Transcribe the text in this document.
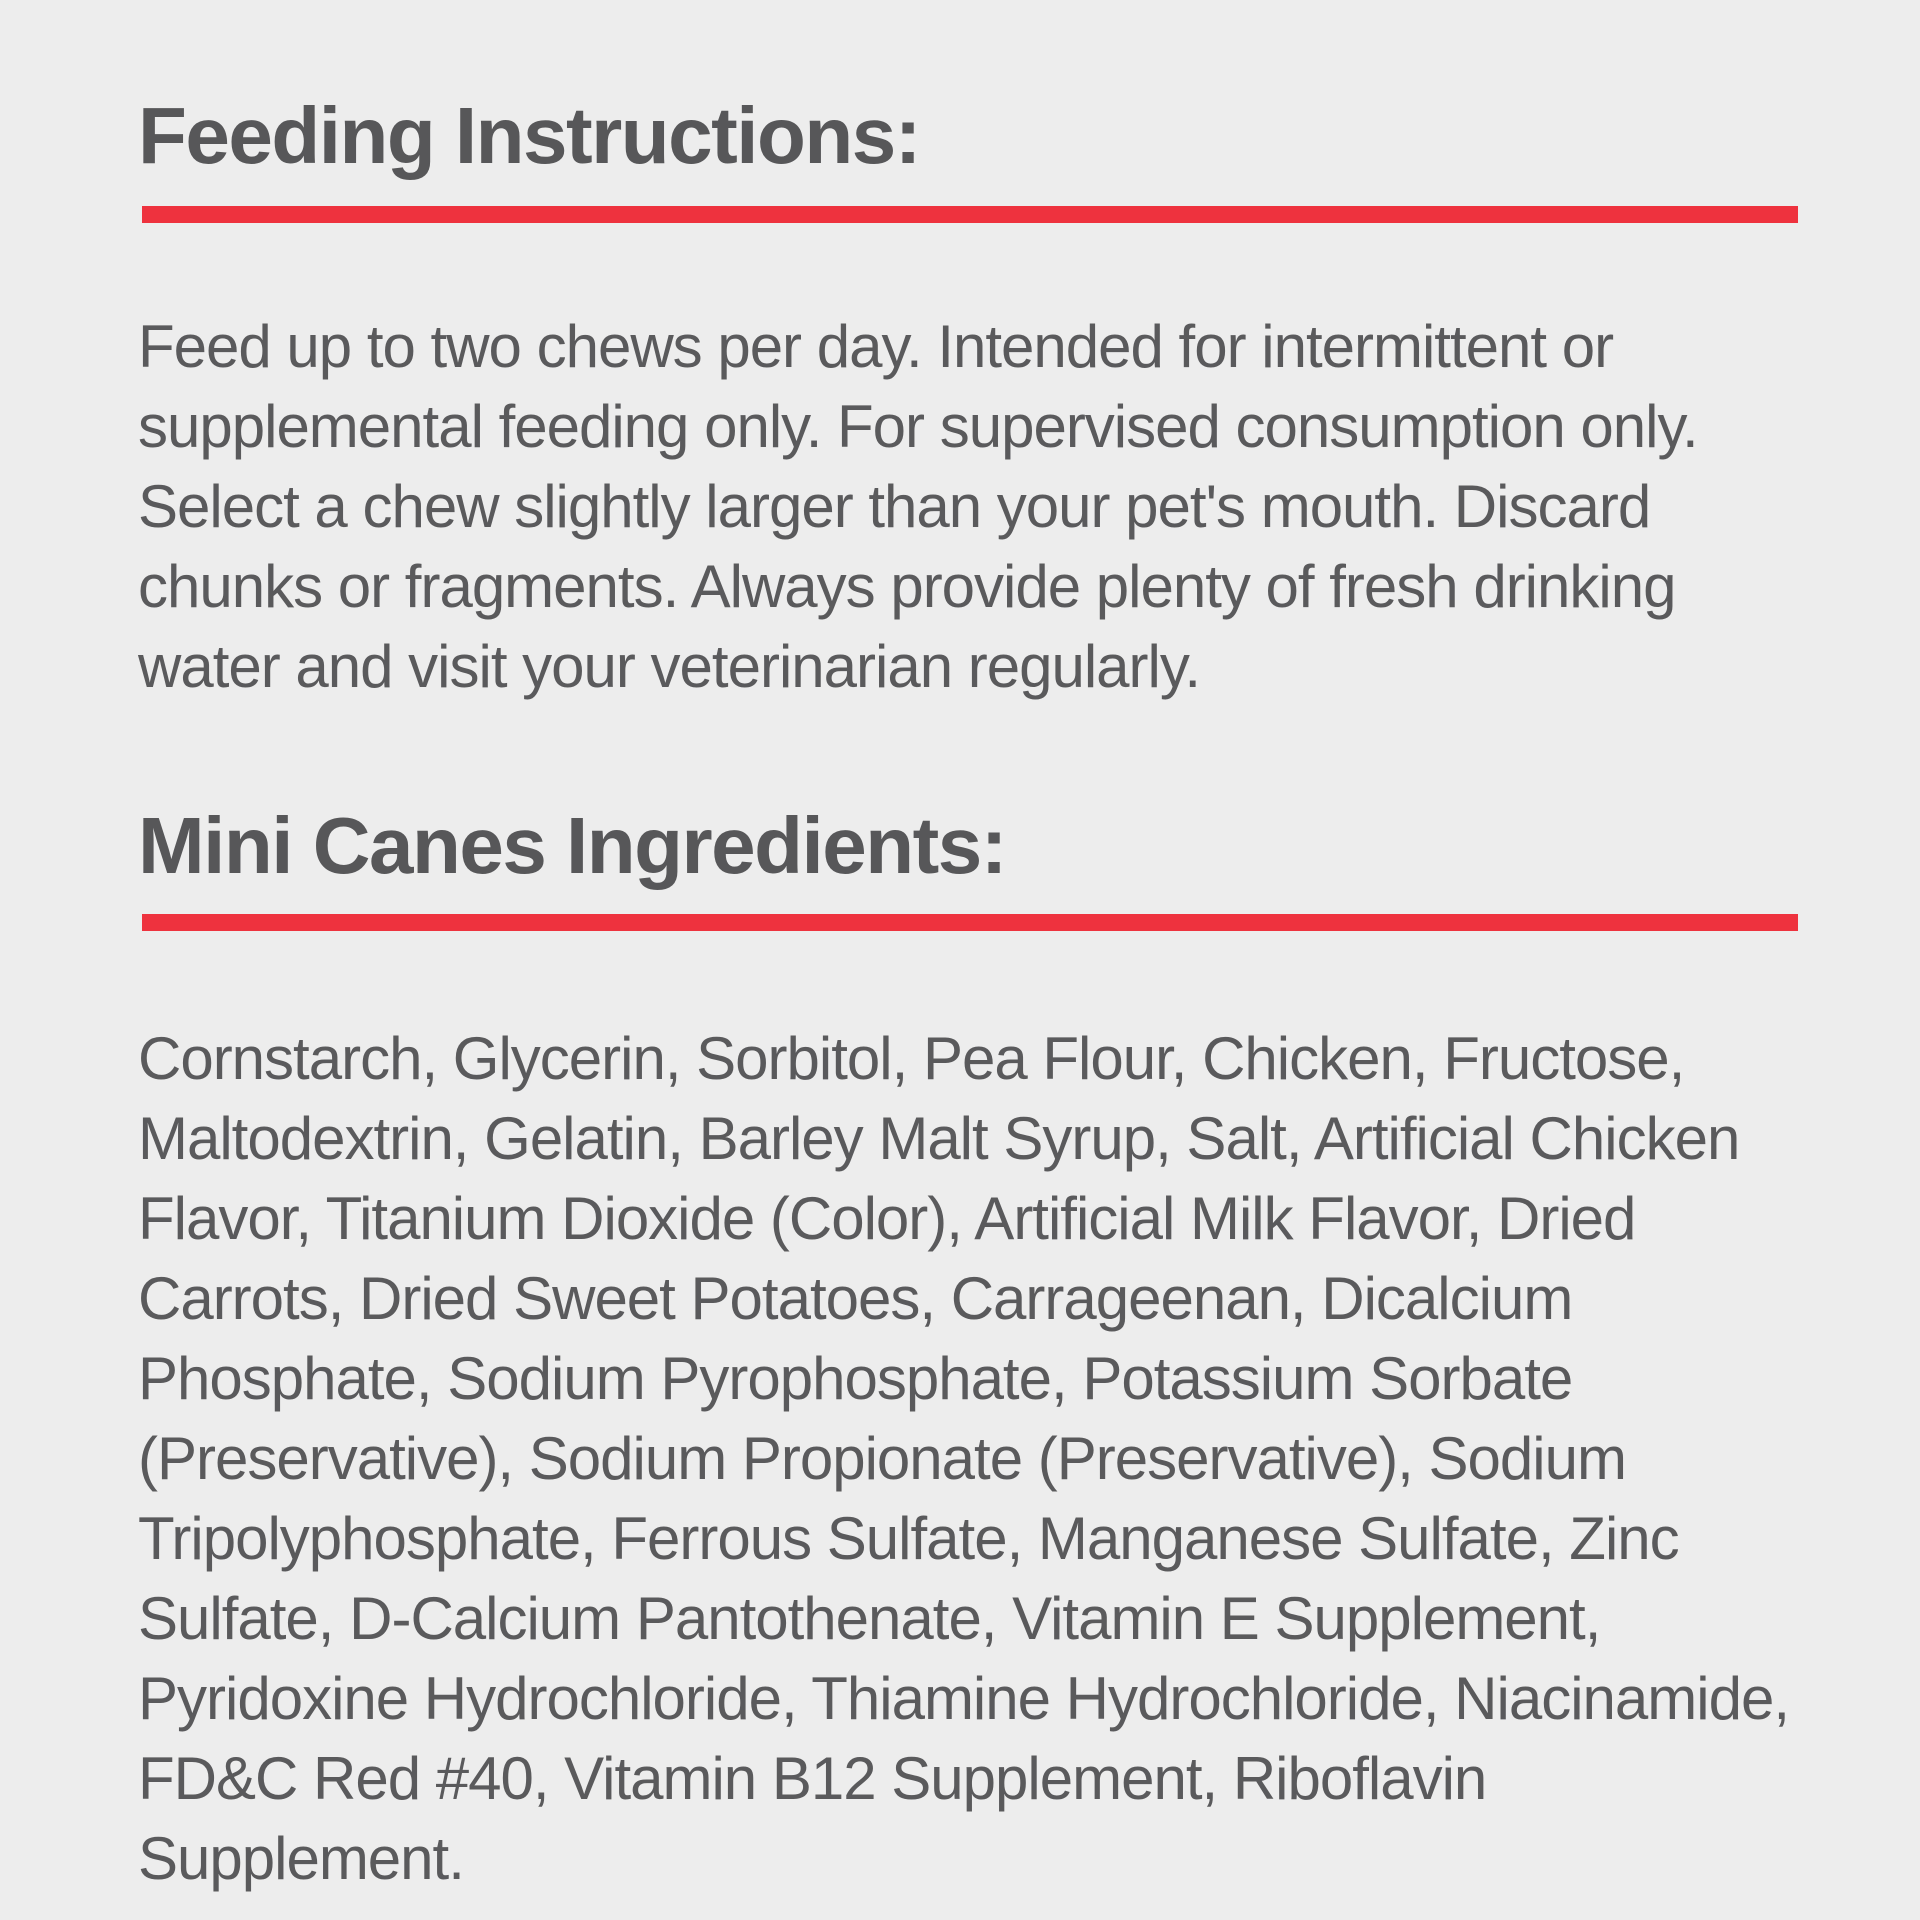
Feeding Instructions:

Feed up to two chews per day. Intended for intermittent or supplemental feeding only. For supervised consumption only. Select a chew slightly larger than your pet's mouth. Discard chunks or fragments. Always provide plenty of fresh drinking water and visit your veterinarian regularly.

Mini Canes Ingredients:

Cornstarch, Glycerin, Sorbitol, Pea Flour, Chicken, Fructose, Maltodextrin, Gelatin, Barley Malt Syrup, Salt, Artificial Chicken Flavor, Titanium Dioxide (Color), Artificial Milk Flavor, Dried Carrots, Dried Sweet Potatoes, Carrageenan, Dicalcium Phosphate, Sodium Pyrophosphate, Potassium Sorbate (Preservative), Sodium Propionate (Preservative), Sodium Tripolyphosphate, Ferrous Sulfate, Manganese Sulfate, Zinc Sulfate, D-Calcium Pantothenate, Vitamin E Supplement, Pyridoxine Hydrochloride, Thiamine Hydrochloride, Niacinamide, FD&C Red #40, Vitamin B12 Supplement, Riboflavin Supplement.
